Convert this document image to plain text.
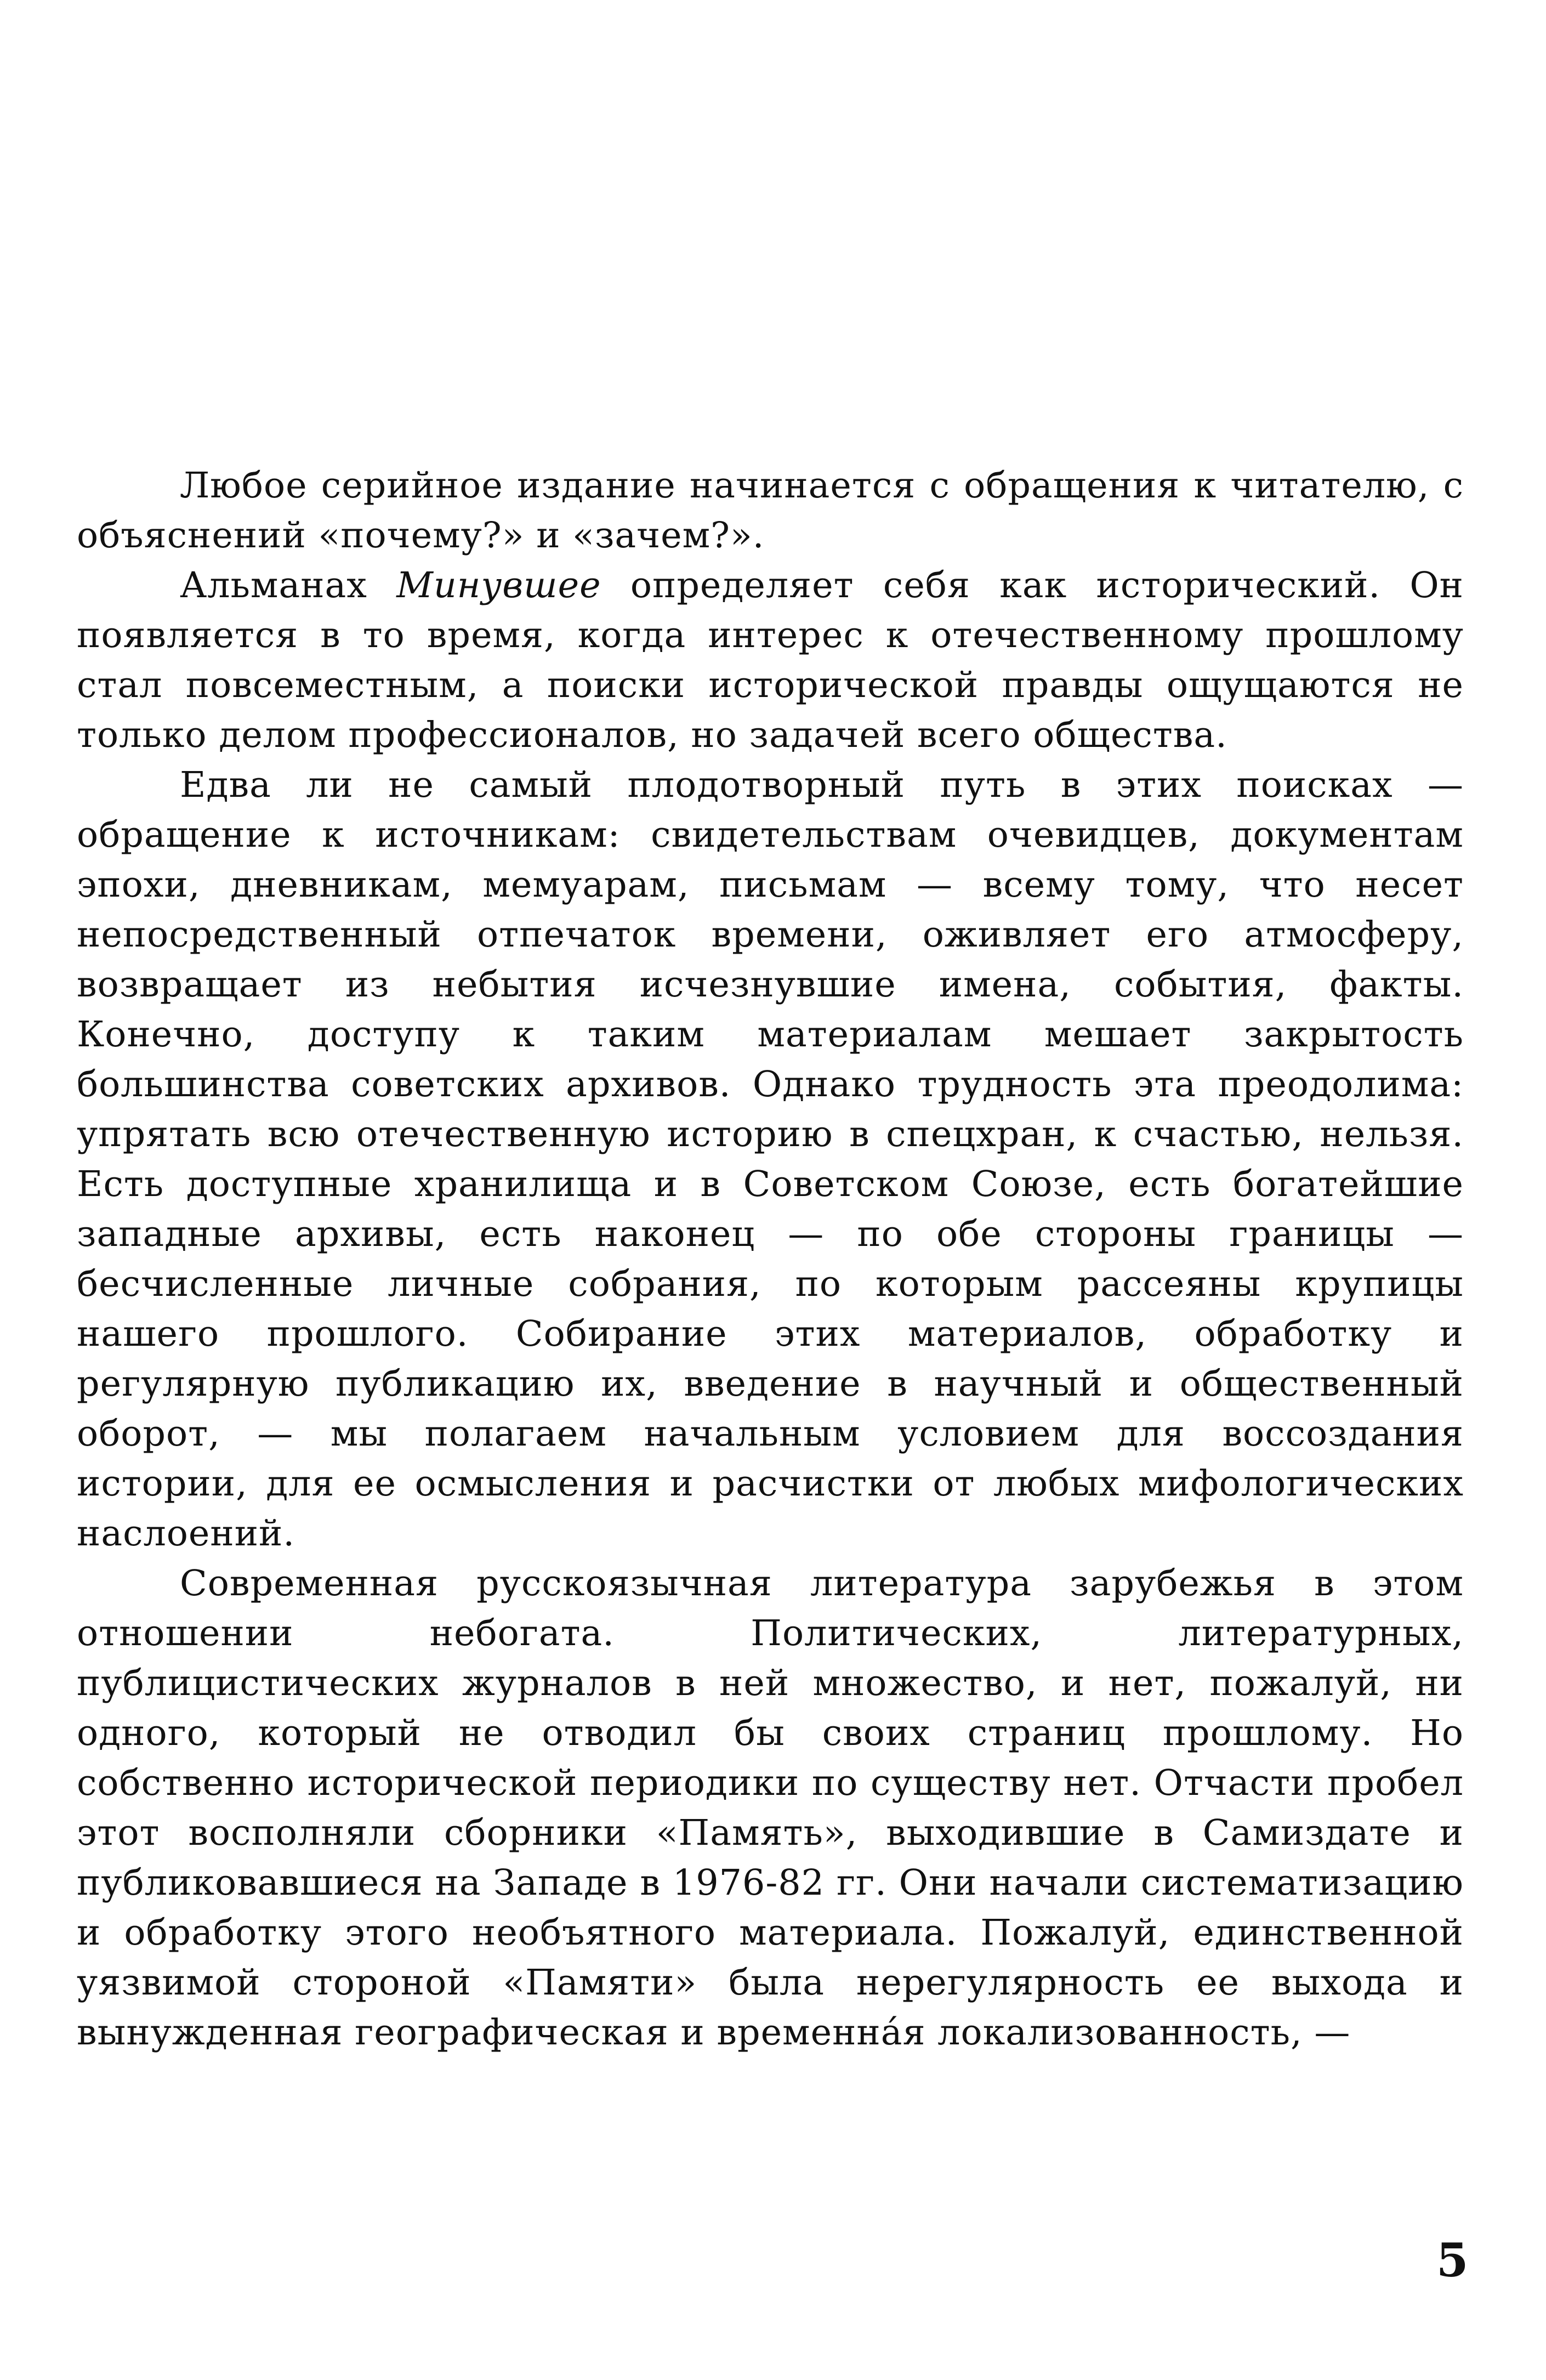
Любое серийное издание начинается с обращения к читателю, с объяснений «почему?» и «зачем?».

Альманах Минувшее определяет себя как исторический. Он появляется в то время, когда интерес к отечественному прошлому стал повсеместным, а поиски исторической правды ощущаются не только делом профессионалов, но задачей всего общества.

Едва ли не самый плодотворный путь в этих поисках — обращение к источникам: свидетельствам очевидцев, документам эпохи, дневникам, мемуарам, письмам — всему тому, что несет непосредственный отпечаток времени, оживляет его атмосферу, возвращает из небытия исчезнувшие имена, события, факты. Конечно, доступу к таким материалам мешает закрытость большинства советских архивов. Однако трудность эта преодолима: упрятать всю отечественную историю в спецхран, к счастью, нельзя. Есть доступные хранилища и в Советском Союзе, есть богатейшие западные архивы, есть наконец — по обе стороны границы — бесчисленные личные собрания, по которым рассеяны крупицы нашего прошлого. Собирание этих материалов, обработку и регулярную публикацию их, введение в научный и общественный оборот, — мы полагаем начальным условием для воссоздания истории, для ее осмысления и расчистки от любых мифологических наслоений.

Современная русскоязычная литература зарубежья в этом отношении небогата. Политических, литературных, публицистических журналов в ней множество, и нет, пожалуй, ни одного, который не отводил бы своих страниц прошлому. Но собственно исторической периодики по существу нет. Отчасти пробел этот восполняли сборники «Память», выходившие в Самиздате и публиковавшиеся на Западе в 1976-82 гг. Они начали систематизацию и обработку этого необъятного материала. Пожалуй, единственной уязвимой стороной «Памяти» была нерегулярность ее выхода и вынужденная географическая и временнáя локализованность, —

5
